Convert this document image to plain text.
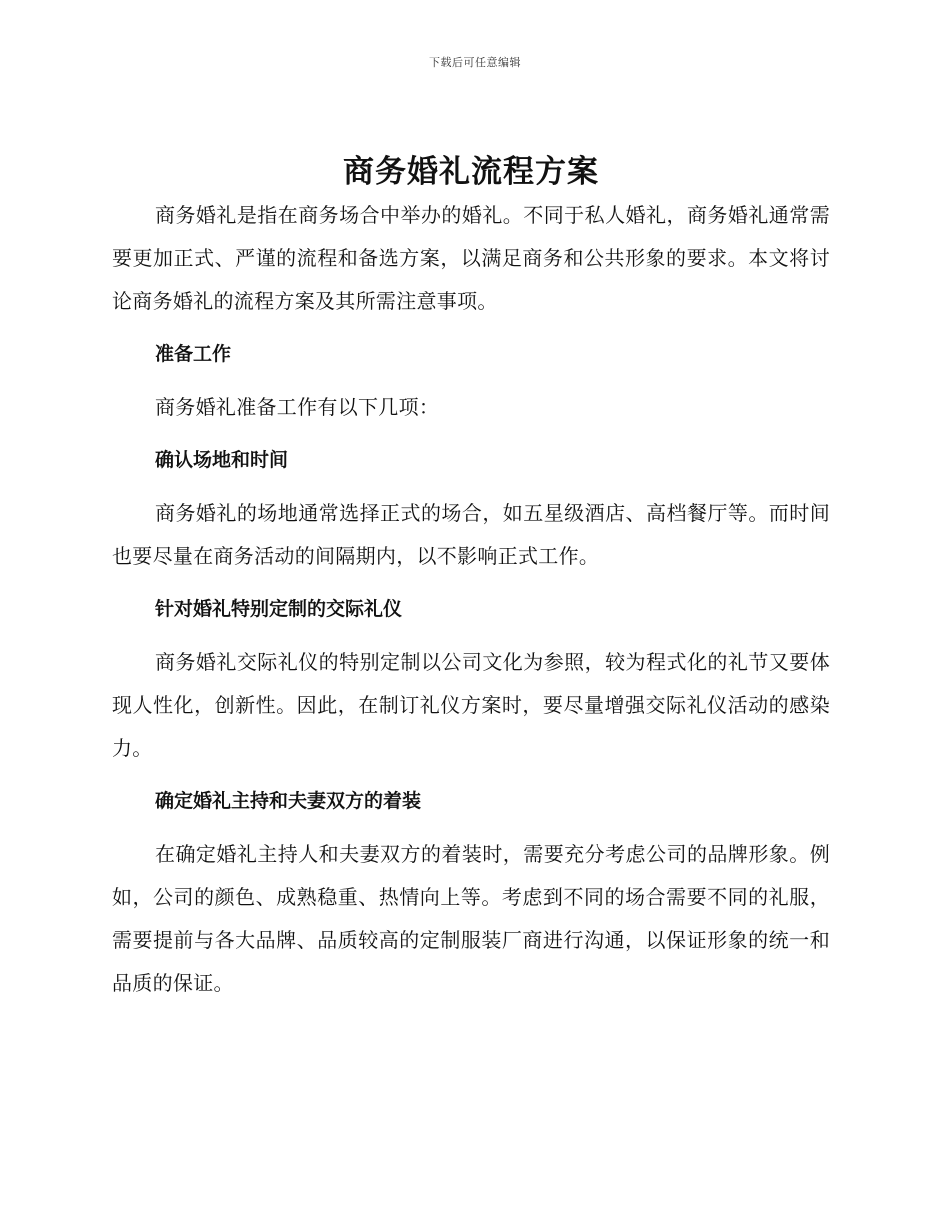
下载后可任意编辑
商务婚礼流程方案

商务婚礼是指在商务场合中举办的婚礼。不同于私人婚礼，商务婚礼通常需要更加正式、严谨的流程和备选方案，以满足商务和公共形象的要求。本文将讨论商务婚礼的流程方案及其所需注意事项。

准备工作

商务婚礼准备工作有以下几项：

确认场地和时间

商务婚礼的场地通常选择正式的场合，如五星级酒店、高档餐厅等。而时间也要尽量在商务活动的间隔期内，以不影响正式工作。

针对婚礼特别定制的交际礼仪

商务婚礼交际礼仪的特别定制以公司文化为参照，较为程式化的礼节又要体现人性化，创新性。因此，在制订礼仪方案时，要尽量增强交际礼仪活动的感染力。

确定婚礼主持和夫妻双方的着装

在确定婚礼主持人和夫妻双方的着装时，需要充分考虑公司的品牌形象。例如，公司的颜色、成熟稳重、热情向上等。考虑到不同的场合需要不同的礼服，需要提前与各大品牌、品质较高的定制服装厂商进行沟通，以保证形象的统一和品质的保证。
